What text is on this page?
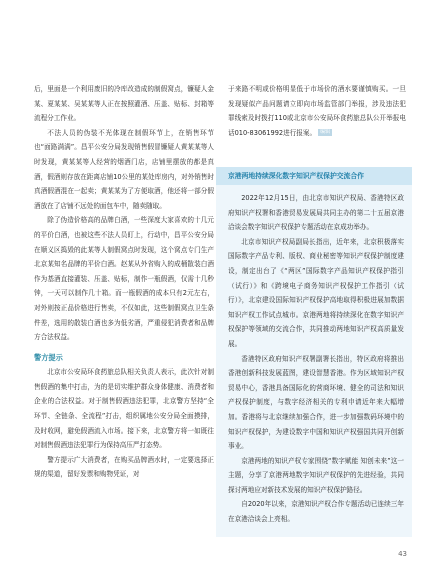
后，里面是一个利用废旧的冷库改造成的制假窝点，镰疑人金某、夏某某、吴某某等人正在按照灌酒、压盖、贴标、封箱等流程分工作业。

不法人员的伪装不光体现在制假环节上，在销售环节也“面路满满”。昌平公安分局发现销售假冒镰疑人黄某某等人时发现，黄某某等人经营的烟酒门店，店铺里摆放的都是真酒，假酒则存放在距离店铺10公里的某处库房内，对外销售时真酒假酒混在一起卖；黄某某为了方便取酒，他还将一部分假酒放在了店铺不远处的面包车中，随卖随取。

除了伪造价格高的品牌白酒，一些深度大家喜欢的十几元的平价白酒，也被这些不法人员盯上，行动中，昌平公安分局在顺义区捣毁的此某等人制假窝点时发现，这个窝点专门生产北京某知名品牌的平价白酒。赵某从外省购入的成桶散装白酒作为基酒直接灌装、压盖、贴标，制作一瓶假酒，仅需十几秒钟，一天可以制作几十箱。而一瓶假酒的成本只有2元左右，对外则按正品价格进行售卖，不仅如此，这些制假窝点卫生条件差，选用的散装白酒也多为低劣酒，严重侵犯消费者和品牌方合法权益。

警方提示

北京市公安局环食药旅总队相关负责人表示，此次针对制售假酒的集中打击，为的是切实维护群众身体健康、消费者和企业的合法权益。对于制售假酒违法犯罪，北京警方坚持“全环节、全链条、全流程”打击，组织属地公安分局全面摸排，及时收网，避免假酒流入市场。接下来，北京警方将一如既往对制售假酒违法犯罪行为保持高压严打态势。

警方提示广大消费者，在购买品牌酒水时，一定要选择正规的渠道，留好发票和购物凭证，对

于来路不明或价格明显低于市场价的酒水要谨慎购买。一旦发现疑似产品问题请立即向市场监管部门举报，涉及违法犯罪线索及时拨打110或北京市公安局环食药旅总队公开举报电话010-83061992进行报案。 编辑

京港两地持续深化数字知识产权保护交流合作

2022年12月15日，由北京市知识产权局、香港特区政府知识产权署和香港贸易发展局共同主办的第二十五届京港洽谈会数字知识产权保护专题活动在京成功举办。

北京市知识产权局副局长指出，近年来，北京积极落实国际数字产品专利、版权、商业秘密等知识产权保护制度建设，制定出台了《“两区”国际数字产品知识产权保护指引（试行）》和《跨境电子商务知识产权保护工作指引（试行）》，北京建设国际知识产权保护高地取得积极进展加数据知识产权工作试点城市。京港两地将持续深化在数字知识产权保护等领域的交流合作，共同推动两地知识产权高质量发展。

香港特区政府知识产权署副署长指出，特区政府将推出香港创新科技发展蓝图，建设智慧香港。作为区域知识产权贸易中心，香港具备国际化的营商环境、健全的司法和知识产权保护制度，与数字经济相关的专利申请近年来大幅增加。香港将与北京继续加强合作，进一步加强数码环境中的知识产权保护，为建设数字中国和知识产权强国共同开创新事业。

京港两地的知识产权专家围绕“数字赋能 知创未来”这一主题，分享了京港两地数字知识产权保护的先进经验，共同探讨两地应对新技术发展的知识产权保护路径。

自2020年以来，京港知识产权合作专题活动已连续三年在京港洽谈会上亮相。

43
